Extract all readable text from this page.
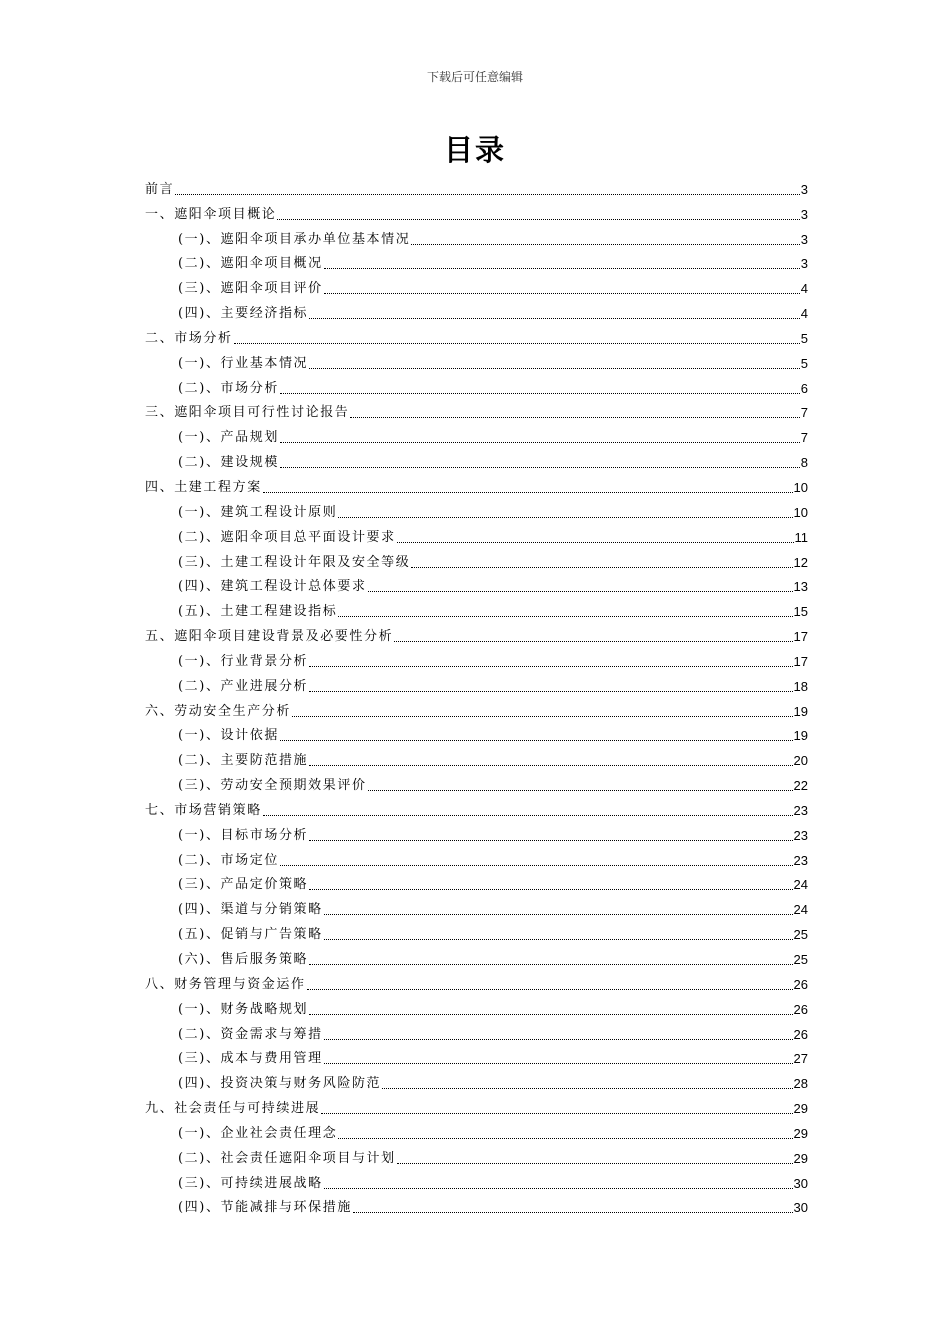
下载后可任意编辑
目录
前言	3
一、遮阳伞项目概论	3
(一)、遮阳伞项目承办单位基本情况	3
(二)、遮阳伞项目概况	3
(三)、遮阳伞项目评价	4
(四)、主要经济指标	4
二、市场分析	5
(一)、行业基本情况	5
(二)、市场分析	6
三、遮阳伞项目可行性讨论报告	7
(一)、产品规划	7
(二)、建设规模	8
四、土建工程方案	10
(一)、建筑工程设计原则	10
(二)、遮阳伞项目总平面设计要求	11
(三)、土建工程设计年限及安全等级	12
(四)、建筑工程设计总体要求	13
(五)、土建工程建设指标	15
五、遮阳伞项目建设背景及必要性分析	17
(一)、行业背景分析	17
(二)、产业进展分析	18
六、劳动安全生产分析	19
(一)、设计依据	19
(二)、主要防范措施	20
(三)、劳动安全预期效果评价	22
七、市场营销策略	23
(一)、目标市场分析	23
(二)、市场定位	23
(三)、产品定价策略	24
(四)、渠道与分销策略	24
(五)、促销与广告策略	25
(六)、售后服务策略	25
八、财务管理与资金运作	26
(一)、财务战略规划	26
(二)、资金需求与筹措	26
(三)、成本与费用管理	27
(四)、投资决策与财务风险防范	28
九、社会责任与可持续进展	29
(一)、企业社会责任理念	29
(二)、社会责任遮阳伞项目与计划	29
(三)、可持续进展战略	30
(四)、节能减排与环保措施	30
